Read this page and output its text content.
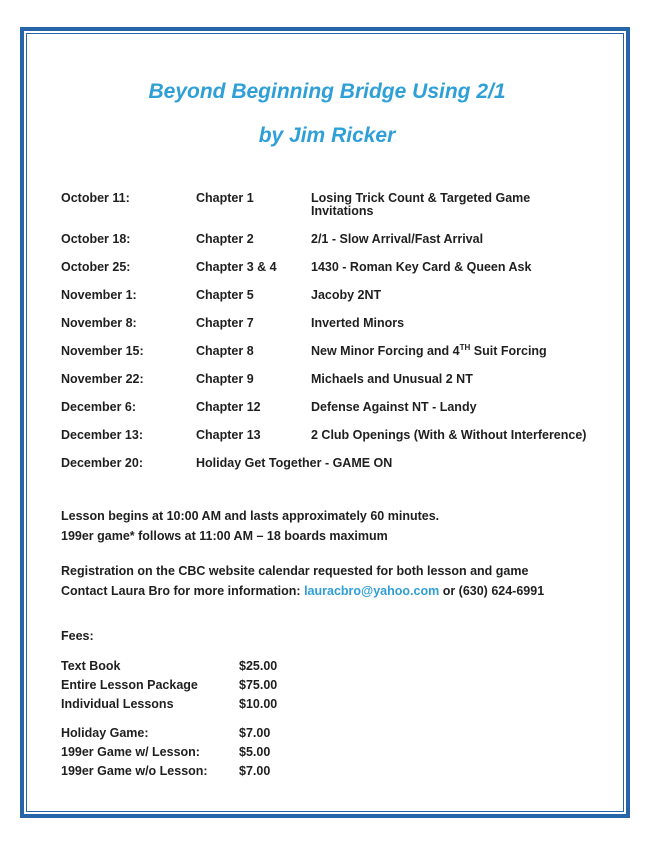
Beyond Beginning Bridge Using 2/1
by Jim Ricker
October 11:	Chapter 1	Losing Trick Count & Targeted Game Invitations
October 18:	Chapter 2	2/1 - Slow Arrival/Fast Arrival
October 25:	Chapter 3 & 4	1430 - Roman Key Card & Queen Ask
November 1:	Chapter 5	Jacoby 2NT
November 8:	Chapter 7	Inverted Minors
November 15:	Chapter 8	New Minor Forcing and 4TH Suit Forcing
November 22:	Chapter 9	Michaels and Unusual 2 NT
December 6:	Chapter 12	Defense Against NT - Landy
December 13:	Chapter 13	2 Club Openings (With & Without Interference)
December 20:	Holiday Get Together - GAME ON
Lesson begins at 10:00 AM and lasts approximately 60 minutes.
199er game* follows at 11:00 AM – 18 boards maximum
Registration on the CBC website calendar requested for both lesson and game
Contact Laura Bro for more information: lauracbro@yahoo.com or (630) 624-6991
Fees:
Text Book	$25.00
Entire Lesson Package	$75.00
Individual Lessons	$10.00
Holiday Game:	$7.00
199er Game w/ Lesson:	$5.00
199er Game w/o Lesson:	$7.00
